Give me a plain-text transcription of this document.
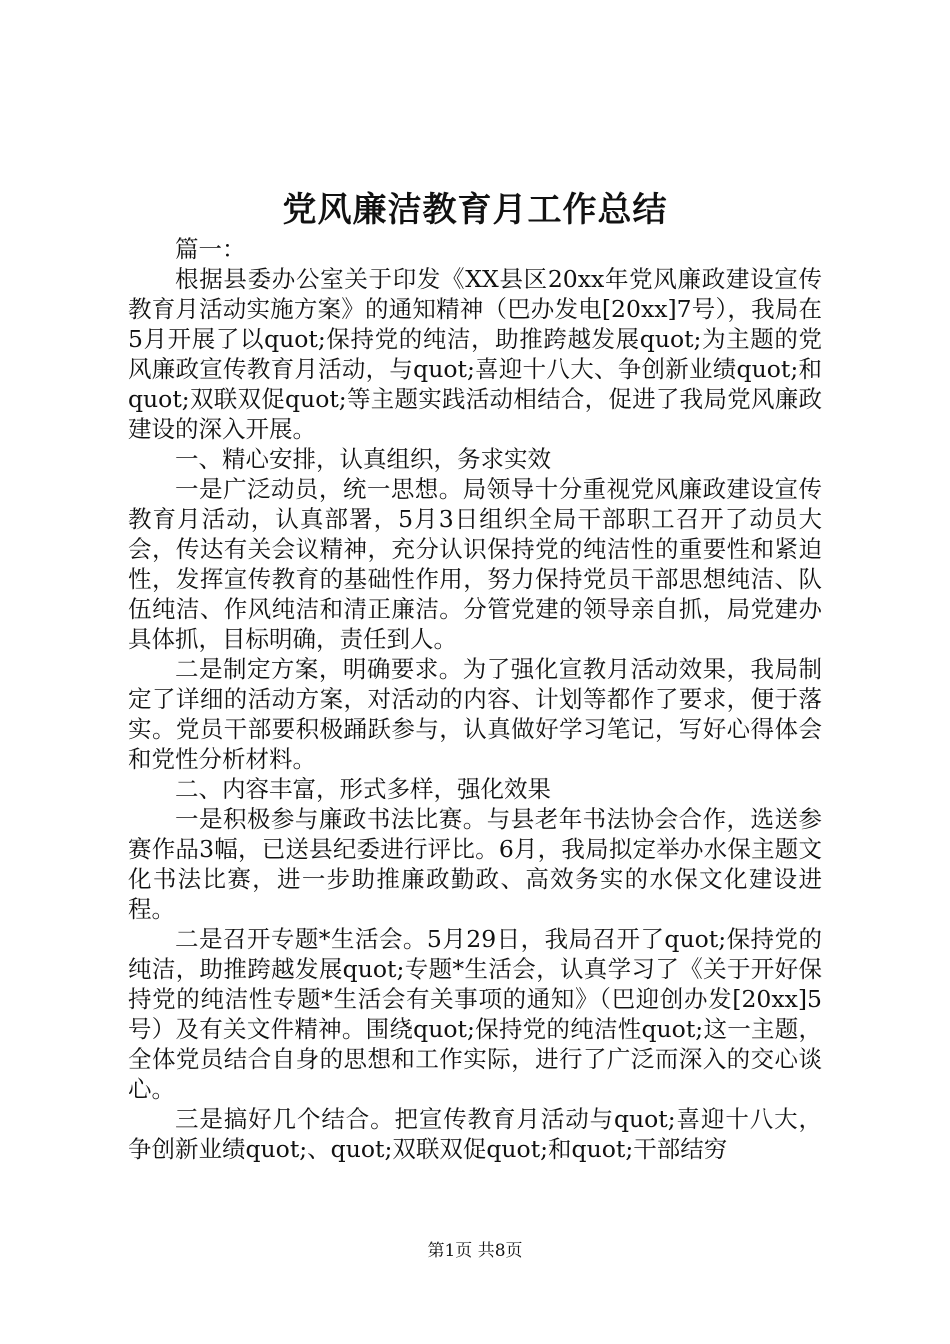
党风廉洁教育月工作总结

篇一：

根据县委办公室关于印发《XX县区20xx年党风廉政建设宣传教育月活动实施方案》的通知精神（巴办发电[20xx]7号），我局在5月开展了以quot;保持党的纯洁，助推跨越发展quot;为主题的党风廉政宣传教育月活动，与quot;喜迎十八大、争创新业绩quot;和quot;双联双促quot;等主题实践活动相结合，促进了我局党风廉政建设的深入开展。

一、精心安排，认真组织，务求实效

一是广泛动员，统一思想。局领导十分重视党风廉政建设宣传教育月活动，认真部署，5月3日组织全局干部职工召开了动员大会，传达有关会议精神，充分认识保持党的纯洁性的重要性和紧迫性，发挥宣传教育的基础性作用，努力保持党员干部思想纯洁、队伍纯洁、作风纯洁和清正廉洁。分管党建的领导亲自抓，局党建办具体抓，目标明确，责任到人。

二是制定方案，明确要求。为了强化宣教月活动效果，我局制定了详细的活动方案，对活动的内容、计划等都作了要求，便于落实。党员干部要积极踊跃参与，认真做好学习笔记，写好心得体会和党性分析材料。

二、内容丰富，形式多样，强化效果

一是积极参与廉政书法比赛。与县老年书法协会合作，选送参赛作品3幅，已送县纪委进行评比。6月，我局拟定举办水保主题文化书法比赛，进一步助推廉政勤政、高效务实的水保文化建设进程。

二是召开专题*生活会。5月29日，我局召开了quot;保持党的纯洁，助推跨越发展quot;专题*生活会，认真学习了《关于开好保持党的纯洁性专题*生活会有关事项的通知》（巴迎创办发[20xx]5号）及有关文件精神。围绕quot;保持党的纯洁性quot;这一主题，全体党员结合自身的思想和工作实际，进行了广泛而深入的交心谈心。

三是搞好几个结合。把宣传教育月活动与quot;喜迎十八大，争创新业绩quot;、quot;双联双促quot;和quot;干部结穷

第1页 共8页
